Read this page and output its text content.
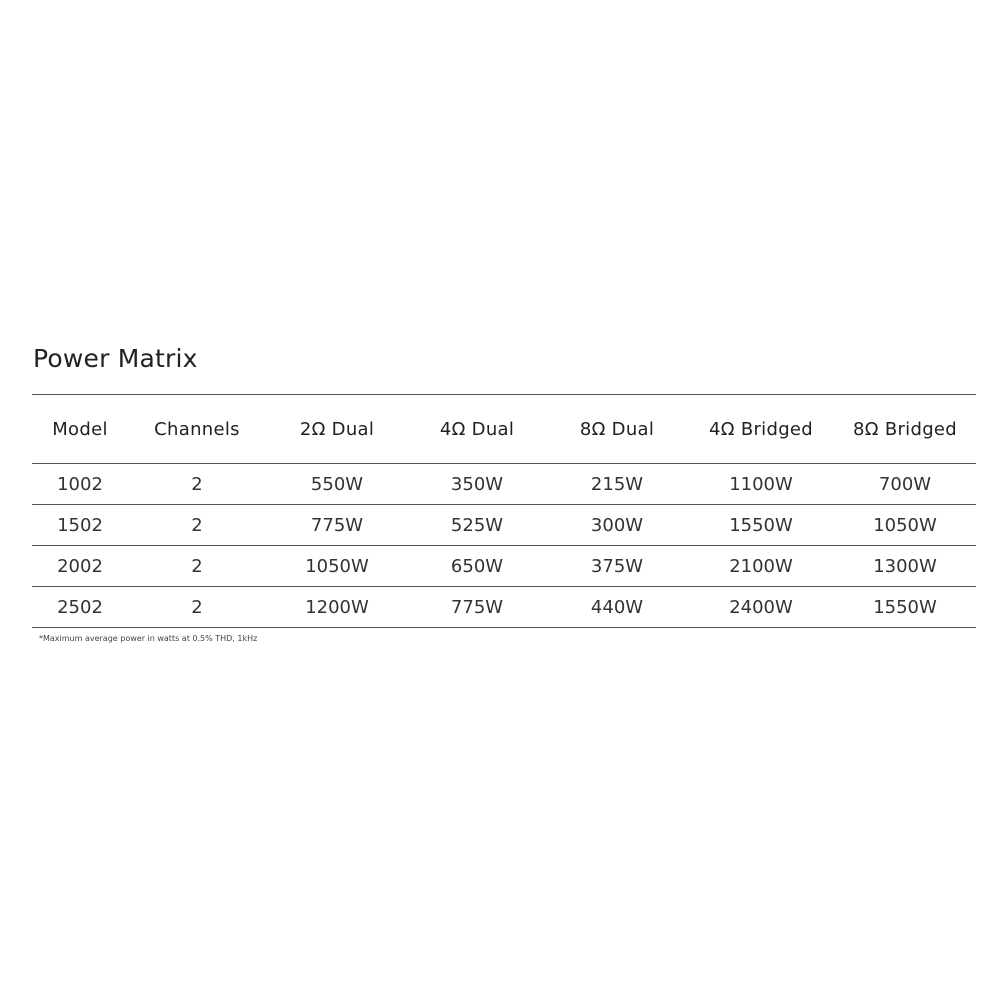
Power Matrix
Model	Channels	2Ω Dual	4Ω Dual	8Ω Dual	4Ω Bridged	8Ω Bridged
1002	2	550W	350W	215W	1100W	700W
1502	2	775W	525W	300W	1550W	1050W
2002	2	1050W	650W	375W	2100W	1300W
2502	2	1200W	775W	440W	2400W	1550W

*Maximum average power in watts at 0.5% THD, 1kHz
